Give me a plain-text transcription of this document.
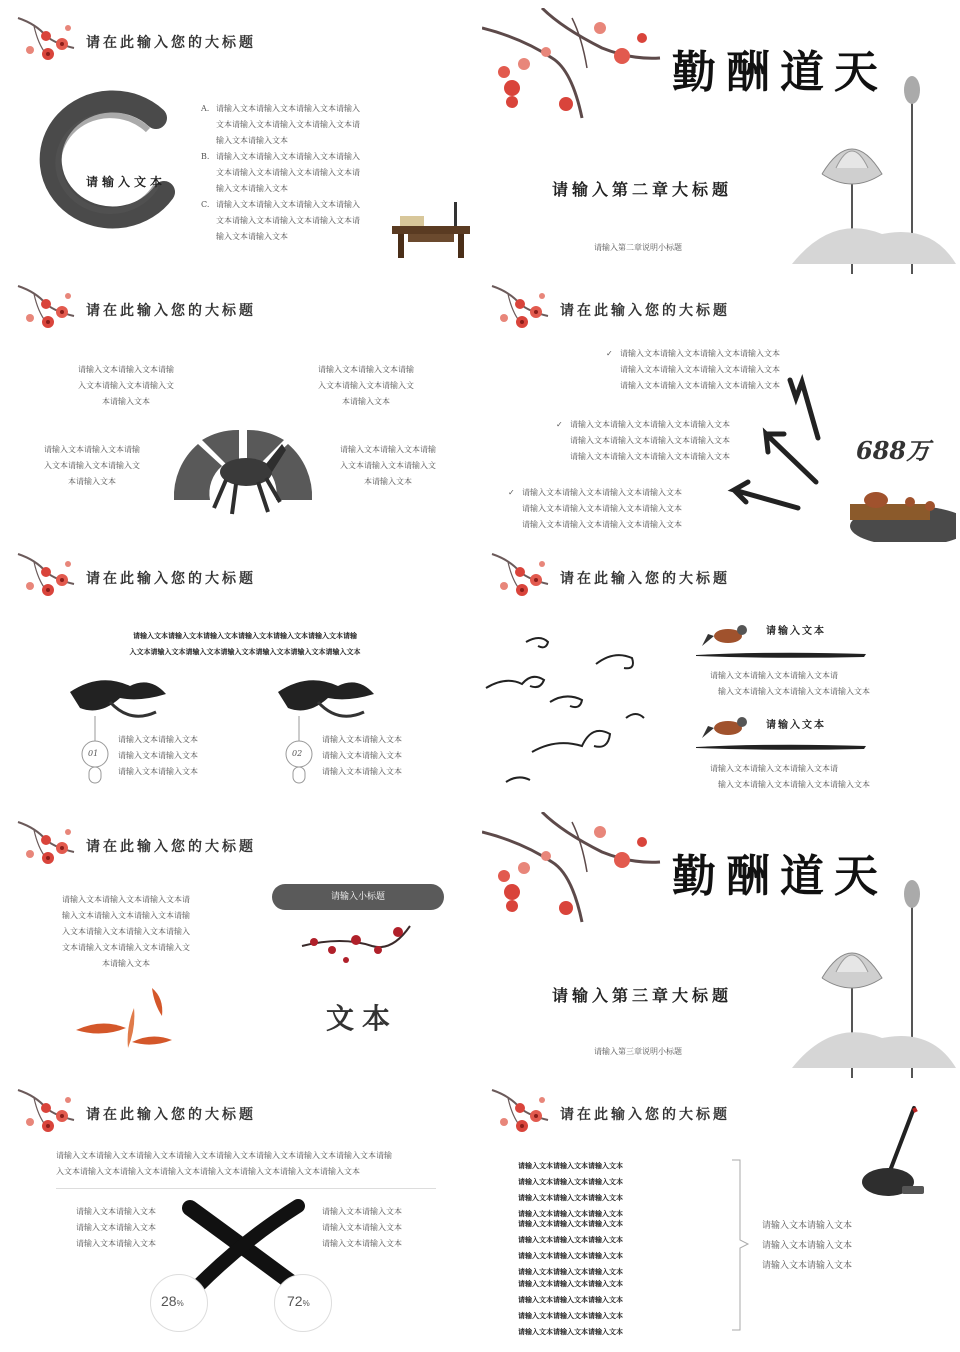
请在此输入您的大标题
请输入文本
A. 请输入文本请输入文本请输入文本请输入
文本请输入文本请输入文本请输入文本请
输入文本请输入文本
B. 请输入文本请输入文本请输入文本请输入
文本请输入文本请输入文本请输入文本请
输入文本请输入文本
C. 请输入文本请输入文本请输入文本请输入
文本请输入文本请输入文本请输入文本请
输入文本请输入文本
勤酬道天
请输入第二章大标题
请输入第二章说明小标题
请在此输入您的大标题
请输入文本请输入文本请输
入文本请输入文本请输入文
本请输入文本
请输入文本请输入文本请输
入文本请输入文本请输入文
本请输入文本
请输入文本请输入文本请输
入文本请输入文本请输入文
本请输入文本
请输入文本请输入文本请输
入文本请输入文本请输入文
本请输入文本
请在此输入您的大标题
✓ 请输入文本请输入文本请输入文本请输入文本
请输入文本请输入文本请输入文本请输入文本
请输入文本请输入文本请输入文本请输入文本
✓ 请输入文本请输入文本请输入文本请输入文本
请输入文本请输入文本请输入文本请输入文本
请输入文本请输入文本请输入文本请输入文本
✓ 请输入文本请输入文本请输入文本请输入文本
请输入文本请输入文本请输入文本请输入文本
请输入文本请输入文本请输入文本请输入文本
688万
请在此输入您的大标题
请输入文本请输入文本请输入文本请输入文本请输入文本请输入文本请输
入文本请输入文本请输入文本请输入文本请输入文本请输入文本请输入文本
01	02
请输入文本请输入文本
请输入文本请输入文本
请输入文本请输入文本
请输入文本请输入文本
请输入文本请输入文本
请输入文本请输入文本
请在此输入您的大标题
请输入文本
请输入文本请输入文本请输入文本请
输入文本请输入文本请输入文本请输入文本
请输入文本
请输入文本请输入文本请输入文本请
输入文本请输入文本请输入文本请输入文本
请在此输入您的大标题
请输入文本请输入文本请输入文本请
输入文本请输入文本请输入文本请输
入文本请输入文本请输入文本请输入
文本请输入文本请输入文本请输入文
本请输入文本
请输入小标题
文本
勤酬道天
请输入第三章大标题
请输入第三章说明小标题
请在此输入您的大标题
请输入文本请输入文本请输入文本请输入文本请输入文本请输入文本请输入文本请输入文本请输
入文本请输入文本请输入文本请输入文本请输入文本请输入文本请输入文本请输入文本
请输入文本请输入文本
请输入文本请输入文本
请输入文本请输入文本
请输入文本请输入文本
请输入文本请输入文本
请输入文本请输入文本
28%	72%
请在此输入您的大标题
请输入文本请输入文本请输入文本
请输入文本请输入文本请输入文本
请输入文本请输入文本请输入文本
请输入文本请输入文本请输入文本
请输入文本请输入文本请输入文本
请输入文本请输入文本请输入文本
请输入文本请输入文本请输入文本
请输入文本请输入文本请输入文本
请输入文本请输入文本请输入文本
请输入文本请输入文本请输入文本
请输入文本请输入文本请输入文本
请输入文本请输入文本请输入文本
请输入文本请输入文本
请输入文本请输入文本
请输入文本请输入文本
